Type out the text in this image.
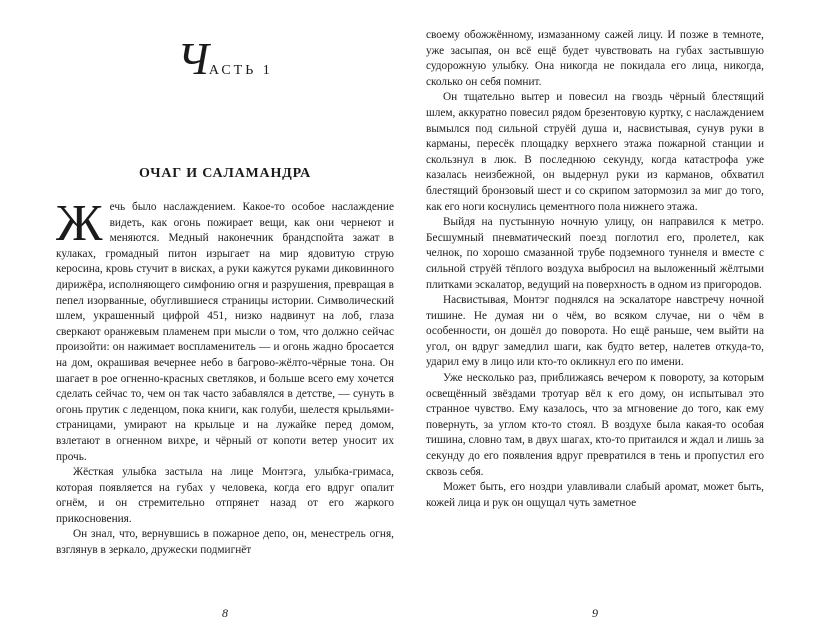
ЧАСТЬ 1
ОЧАГ И САЛАМАНДРА

Жечь было наслаждением. Какое-то особое наслаждение видеть, как огонь пожирает вещи, как они чернеют и меняются. Медный наконечник брандспойта зажат в кулаках, громадный питон изрыгает на мир ядовитую струю керосина, кровь стучит в висках, а руки кажутся руками диковинного дирижёра, исполняющего симфонию огня и разрушения, превращая в пепел изорванные, обуглившиеся страницы истории. Символический шлем, украшенный цифрой 451, низко надвинут на лоб, глаза сверкают оранжевым пламенем при мысли о том, что должно сейчас произойти: он нажимает воспламенитель — и огонь жадно бросается на дом, окрашивая вечернее небо в багрово-жёлто-чёрные тона. Он шагает в рое огненно-красных светляков, и больше всего ему хочется сделать сейчас то, чем он так часто забавлялся в детстве, — сунуть в огонь прутик с леденцом, пока книги, как голуби, шелестя крыльями-страницами, умирают на крыльце и на лужайке перед домом, взлетают в огненном вихре, и чёрный от копоти ветер уносит их прочь.

Жёсткая улыбка застыла на лице Монтэга, улыбка-гримаса, которая появляется на губах у человека, когда его вдруг опалит огнём, и он стремительно отпрянет назад от его жаркого прикосновения.

Он знал, что, вернувшись в пожарное депо, он, менестрель огня, взглянув в зеркало, дружески подмигнёт

8

своему обожжённому, измазанному сажей лицу. И позже в темноте, уже засыпая, он всё ещё будет чувствовать на губах застывшую судорожную улыбку. Она никогда не покидала его лица, никогда, сколько он себя помнит.

Он тщательно вытер и повесил на гвоздь чёрный блестящий шлем, аккуратно повесил рядом брезентовую куртку, с наслаждением вымылся под сильной струёй душа и, насвистывая, сунув руки в карманы, пересёк площадку верхнего этажа пожарной станции и скользнул в люк. В последнюю секунду, когда катастрофа уже казалась неизбежной, он выдернул руки из карманов, обхватил блестящий бронзовый шест и со скрипом затормозил за миг до того, как его ноги коснулись цементного пола нижнего этажа.

Выйдя на пустынную ночную улицу, он направился к метро. Бесшумный пневматический поезд поглотил его, пролетел, как челнок, по хорошо смазанной трубе подземного туннеля и вместе с сильной струёй тёплого воздуха выбросил на выложенный жёлтыми плитками эскалатор, ведущий на поверхность в одном из пригородов.

Насвистывая, Монтэг поднялся на эскалаторе навстречу ночной тишине. Не думая ни о чём, во всяком случае, ни о чём в особенности, он дошёл до поворота. Но ещё раньше, чем выйти на угол, он вдруг замедлил шаги, как будто ветер, налетев откуда-то, ударил ему в лицо или кто-то окликнул его по имени.

Уже несколько раз, приближаясь вечером к повороту, за которым освещённый звёздами тротуар вёл к его дому, он испытывал это странное чувство. Ему казалось, что за мгновение до того, как ему повернуть, за углом кто-то стоял. В воздухе была какая-то особая тишина, словно там, в двух шагах, кто-то притаился и ждал и лишь за секунду до его появления вдруг превратился в тень и пропустил его сквозь себя.

Может быть, его ноздри улавливали слабый аромат, может быть, кожей лица и рук он ощущал чуть заметное

9
